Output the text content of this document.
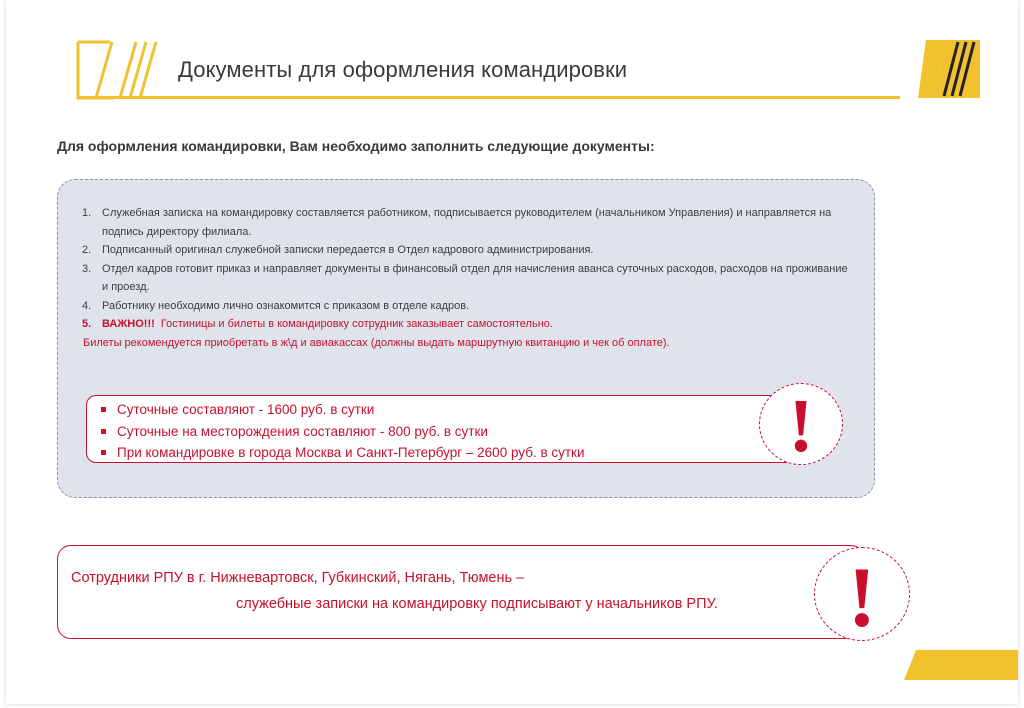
Документы для оформления командировки
Для оформления командировки, Вам необходимо заполнить следующие документы:
1. Служебная записка на командировку составляется работником, подписывается руководителем (начальником Управления) и направляется на подпись директору филиала.
2. Подписанный оригинал служебной записки передается в Отдел кадрового администрирования.
3. Отдел кадров готовит приказ и направляет документы в финансовый отдел для начисления аванса суточных расходов, расходов на проживание и проезд.
4. Работнику необходимо лично ознакомится с приказом в отделе кадров.
5. ВАЖНО!!! Гостиницы и билеты в командировку сотрудник заказывает самостоятельно.
Билеты рекомендуется приобретать в ж\д и авиакассах (должны выдать маршрутную квитанцию и чек об оплате).
Суточные составляют - 1600 руб. в сутки
Суточные на месторождения составляют - 800 руб. в сутки
При командировке в города Москва и Санкт-Петербург – 2600 руб. в сутки	!
Сотрудники РПУ в г. Нижневартовск, Губкинский, Нягань, Тюмень –
служебные записки на командировку подписывают у начальников РПУ. !
